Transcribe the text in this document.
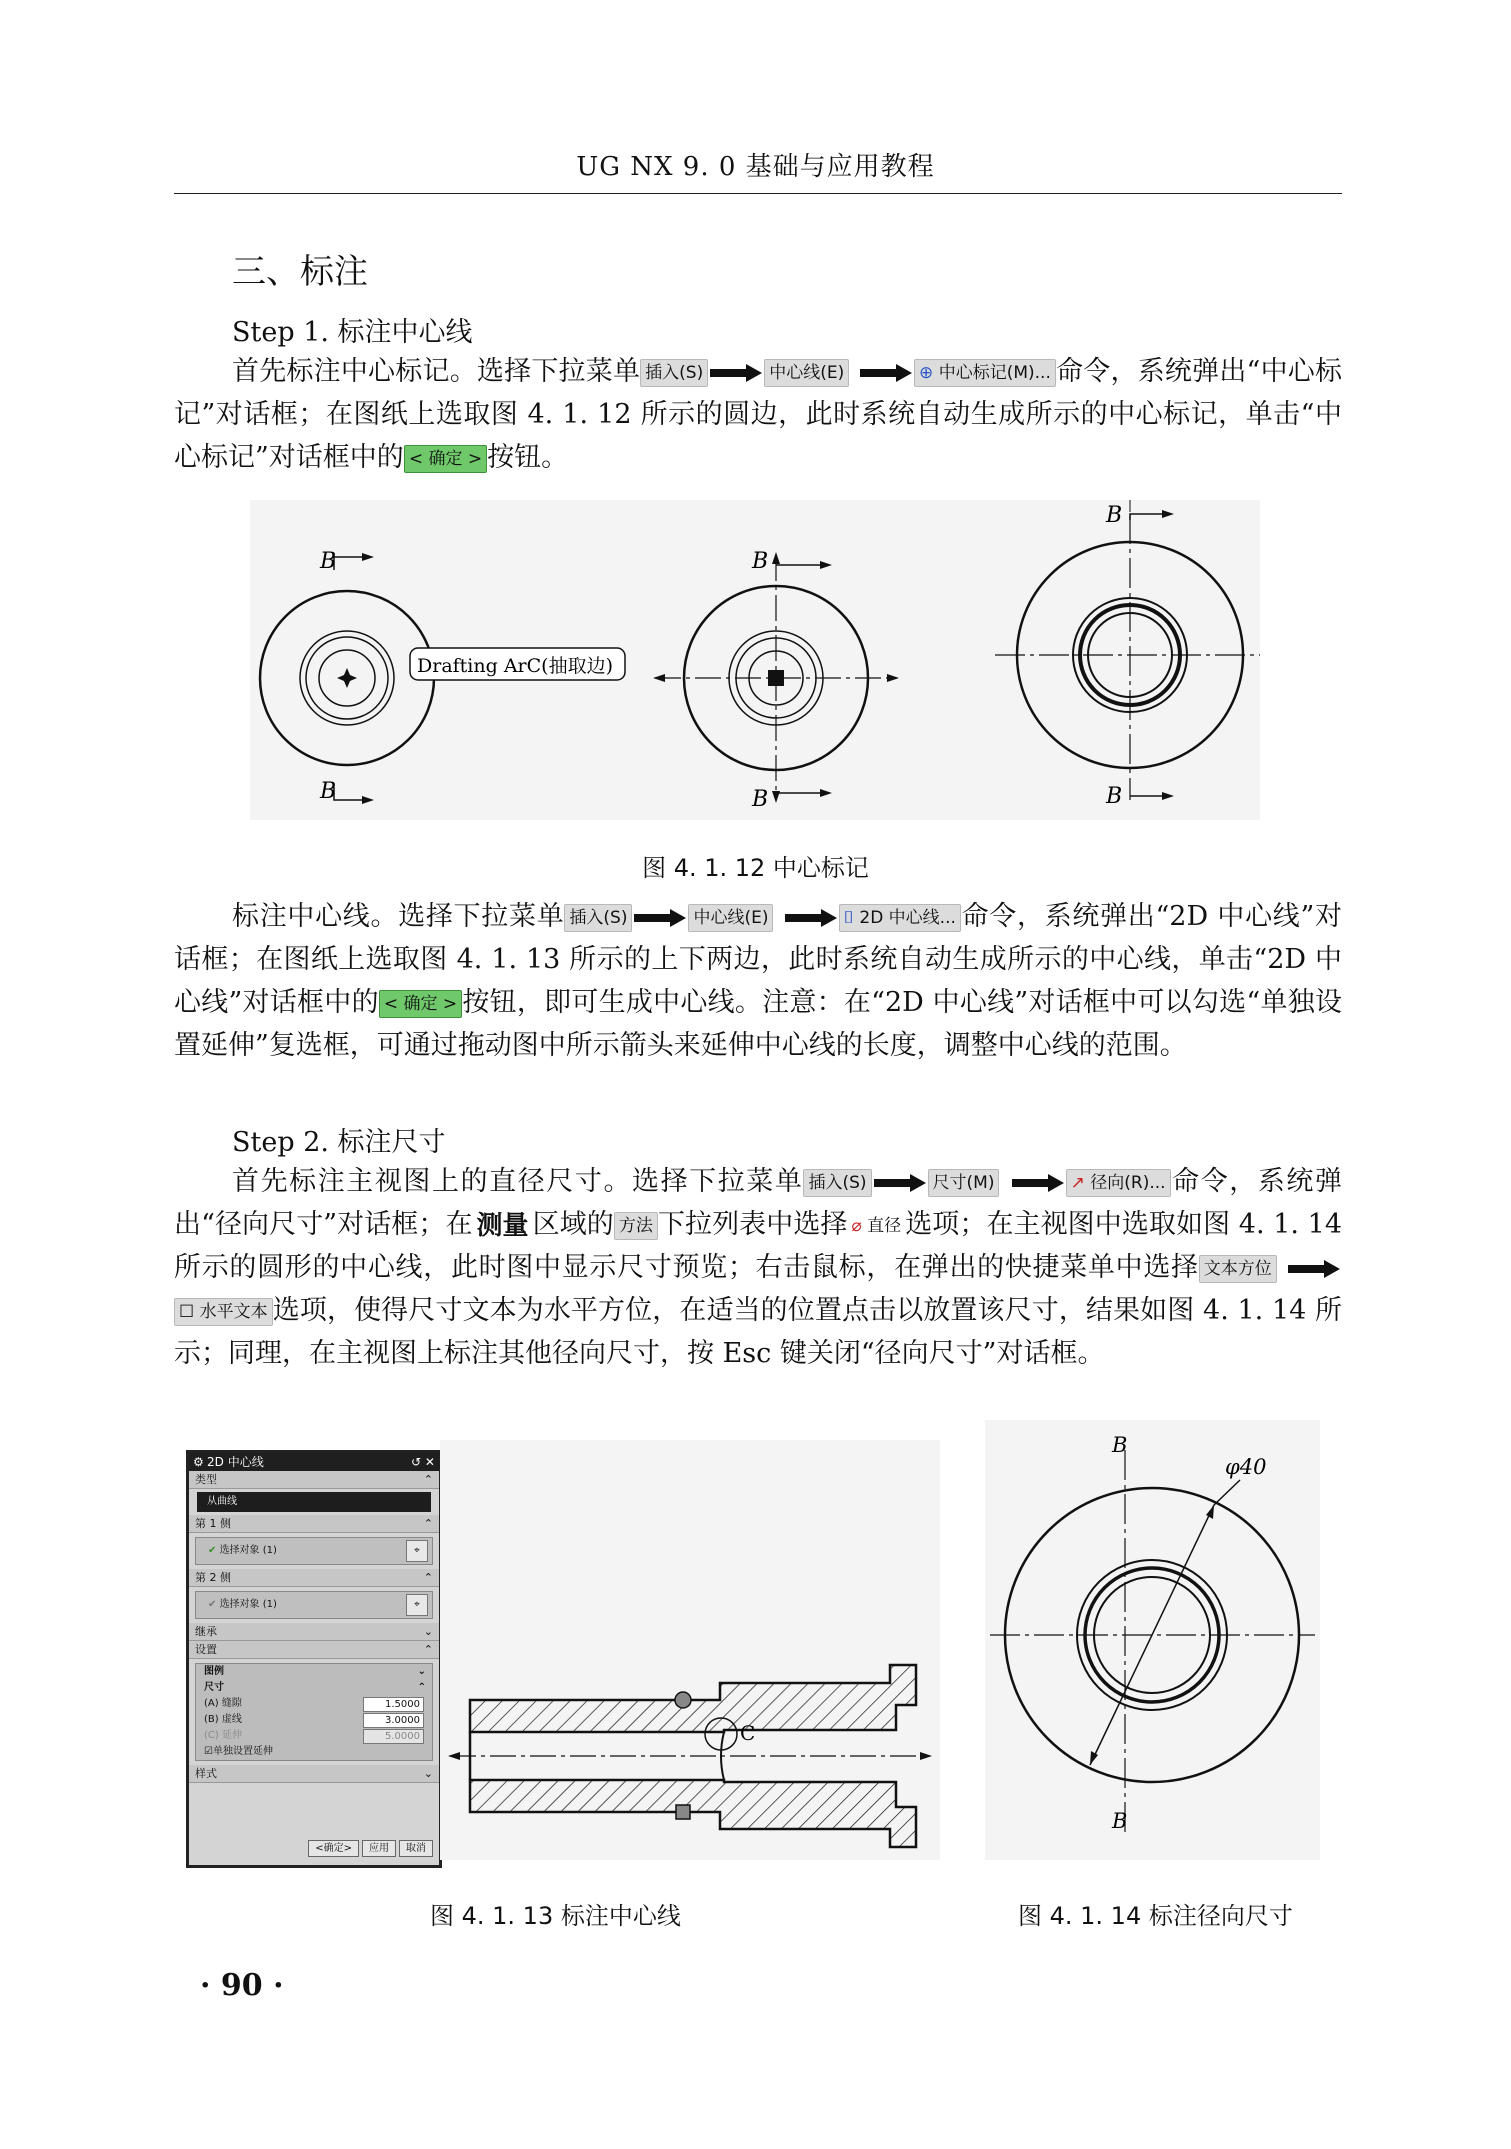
UG NX 9. 0 基础与应用教程
三、标注
Step 1. 标注中心线

首先标注中心标记。选择下拉菜单 插入(S)	中心线(E)	⊕ 中心标记(M)... 命令，系统弹出“中心标记”对话框；在图纸上选取图 4. 1. 12 所示的圆边，此时系统自动生成所示的中心标记，单击“中心标记”对话框中的 < 确定 > 按钮。

B
B
Drafting ArC(抽取边)
B
B
B
B
图 4. 1. 12 中心标记

标注中心线。选择下拉菜单 插入(S)	中心线(E)	⌷ 2D 中心线... 命令，系统弹出“2D 中心线”对话框；在图纸上选取图 4. 1. 13 所示的上下两边，此时系统自动生成所示的中心线，单击“2D 中心线”对话框中的 < 确定 > 按钮，即可生成中心线。注意：在“2D 中心线”对话框中可以勾选“单独设置延伸”复选框，可通过拖动图中所示箭头来延伸中心线的长度，调整中心线的范围。

Step 2. 标注尺寸

首先标注主视图上的直径尺寸。选择下拉菜单 插入(S)	尺寸(M)	↗ 径向(R)... 命令，系统弹出“径向尺寸”对话框；在 测量 区域的 方法 下拉列表中选择 ⌀ 直径 选项；在主视图中选取如图 4. 1. 14 所示的圆形的中心线，此时图中显示尺寸预览；右击鼠标，在弹出的快捷菜单中选择 文本方位 ☐ 水平文本 选项，使得尺寸文本为水平方位，在适当的位置点击以放置该尺寸，结果如图 4. 1. 14 所示；同理，在主视图上标注其他径向尺寸，按 Esc 键关闭“径向尺寸”对话框。

⚙ 2D 中心线	↺ ✕
类型	⌃
从曲线
第 1 侧	⌃
✔ 选择对象 (1)	⌖
第 2 侧	⌃
✔ 选择对象 (1)	⌖
继承	⌄
设置	⌃
图例	⌄
尺寸	⌃
(A) 缝隙	1.5000
(B) 虚线	3.0000
(C) 延伸	5.0000
☑单独设置延伸
样式	⌄
<确定> 应用 取消
C
B
B
φ40
图 4. 1. 13 标注中心线	图 4. 1. 14 标注径向尺寸
· 90 ·
